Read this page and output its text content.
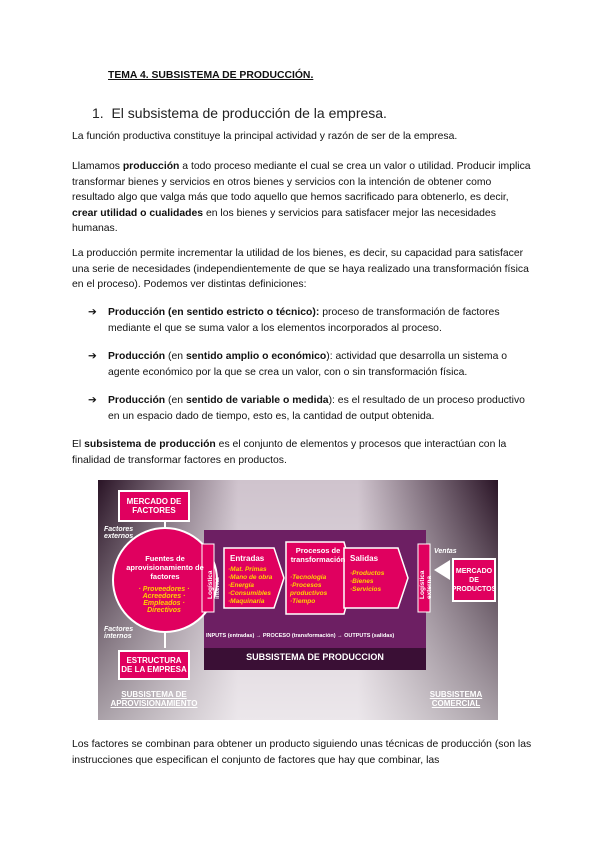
TEMA 4. SUBSISTEMA DE PRODUCCIÓN.
1. El subsistema de producción de la empresa.

La función productiva constituye la principal actividad y razón de ser de la empresa.

Llamamos producción a todo proceso mediante el cual se crea un valor o utilidad. Producir implica transformar bienes y servicios en otros bienes y servicios con la intención de obtener como resultado algo que valga más que todo aquello que hemos sacrificado para obtenerlo, es decir, crear utilidad o cualidades en los bienes y servicios para satisfacer mejor las necesidades humanas.

La producción permite incrementar la utilidad de los bienes, es decir, su capacidad para satisfacer una serie de necesidades (independientemente de que se haya realizado una transformación física en el proceso). Podemos ver distintas definiciones:

➔ Producción (en sentido estricto o técnico): proceso de transformación de factores mediante el que se suma valor a los elementos incorporados al proceso.
➔ Producción (en sentido amplio o económico): actividad que desarrolla un sistema o agente económico por la que se crea un valor, con o sin transformación física.
➔ Producción (en sentido de variable o medida): es el resultado de un proceso productivo en un espacio dado de tiempo, esto es, la cantidad de output obtenida.

El subsistema de producción es el conjunto de elementos y procesos que interactúan con la finalidad de transformar factores en productos.

MERCADO DE FACTORES
Factores externos
Fuentes de aprovisionamiento de factores
· Proveedores · Acreedores · Empleados · Directivos
Factores internos
ESTRUCTURA DE LA EMPRESA
Logística interna
Entradas
·Mat. Primas ·Mano de obra ·Energía ·Consumibles ·Maquinaria
Procesos de transformación
·Tecnología ·Procesos productivos ·Tiempo
Salidas
·Productos ·Bienes ·Servicios	Logística externa
Ventas
MERCADO DE PRODUCTOS
INPUTS (entradas) → PROCESO (transformación) → OUTPUTS (salidas)
SUBSISTEMA DE PRODUCCION
SUBSISTEMA DE APROVISIONAMIENTO
SUBSISTEMA COMERCIAL

Los factores se combinan para obtener un producto siguiendo unas técnicas de producción (son las instrucciones que especifican el conjunto de factores que hay que combinar, las
